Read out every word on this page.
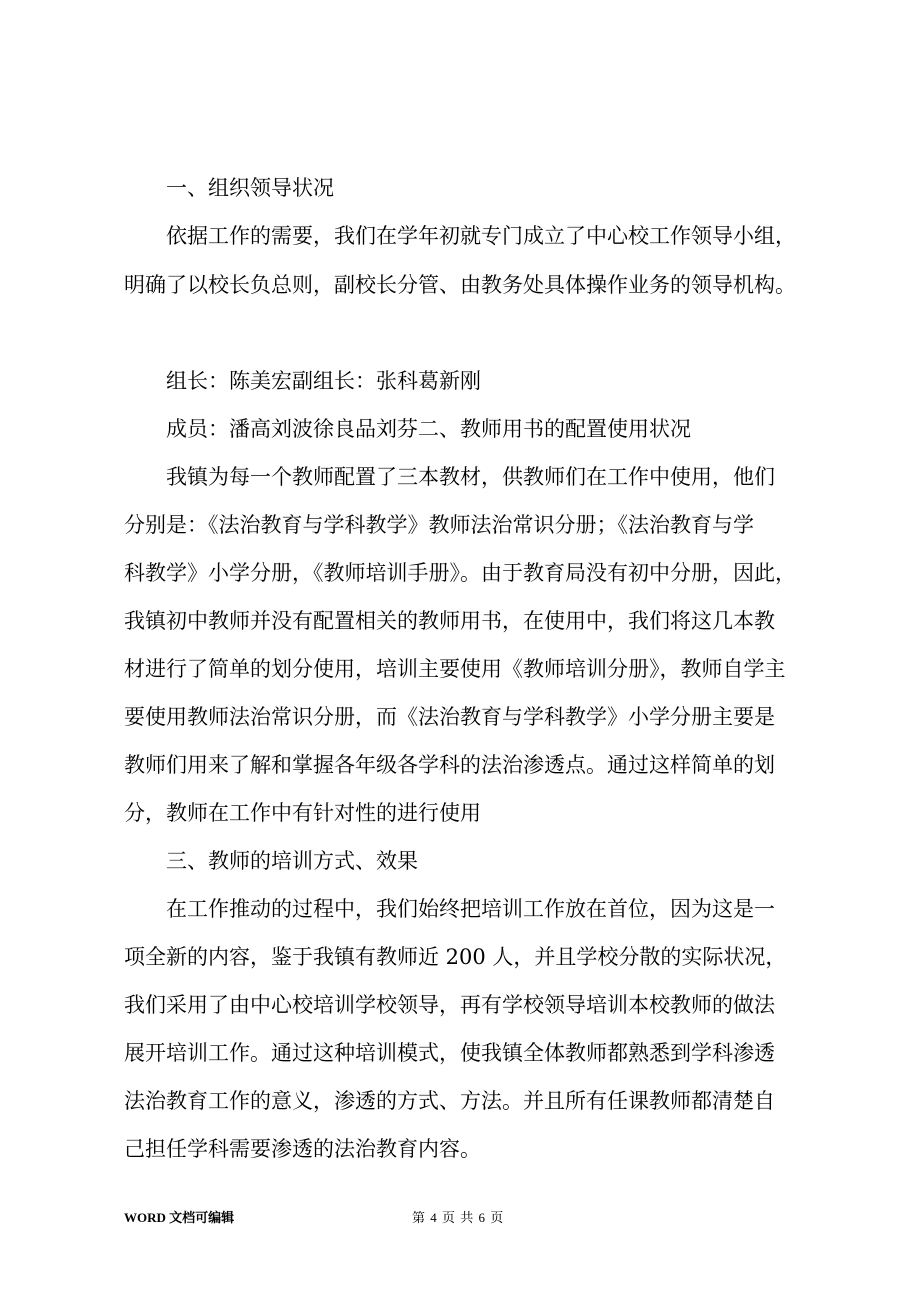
一、组织领导状况
依据工作的需要，我们在学年初就专门成立了中心校工作领导小组，
明确了以校长负总则，副校长分管、由教务处具体操作业务的领导机构。
组长：陈美宏副组长：张科葛新刚
成员：潘高刘波徐良品刘芬二、教师用书的配置使用状况
我镇为每一个教师配置了三本教材，供教师们在工作中使用，他们
分别是：《法治教育与学科教学》教师法治常识分册；《法治教育与学
科教学》小学分册，《教师培训手册》。由于教育局没有初中分册，因此，
我镇初中教师并没有配置相关的教师用书，在使用中，我们将这几本教
材进行了简单的划分使用，培训主要使用《教师培训分册》，教师自学主
要使用教师法治常识分册，而《法治教育与学科教学》小学分册主要是
教师们用来了解和掌握各年级各学科的法治渗透点。通过这样简单的划
分，教师在工作中有针对性的进行使用
三、教师的培训方式、效果
在工作推动的过程中，我们始终把培训工作放在首位，因为这是一
项全新的内容，鉴于我镇有教师近 200 人，并且学校分散的实际状况，
我们采用了由中心校培训学校领导，再有学校领导培训本校教师的做法
展开培训工作。通过这种培训模式，使我镇全体教师都熟悉到学科渗透
法治教育工作的意义，渗透的方式、方法。并且所有任课教师都清楚自
己担任学科需要渗透的法治教育内容。
WORD 文档可编辑	第 4 页 共 6 页
